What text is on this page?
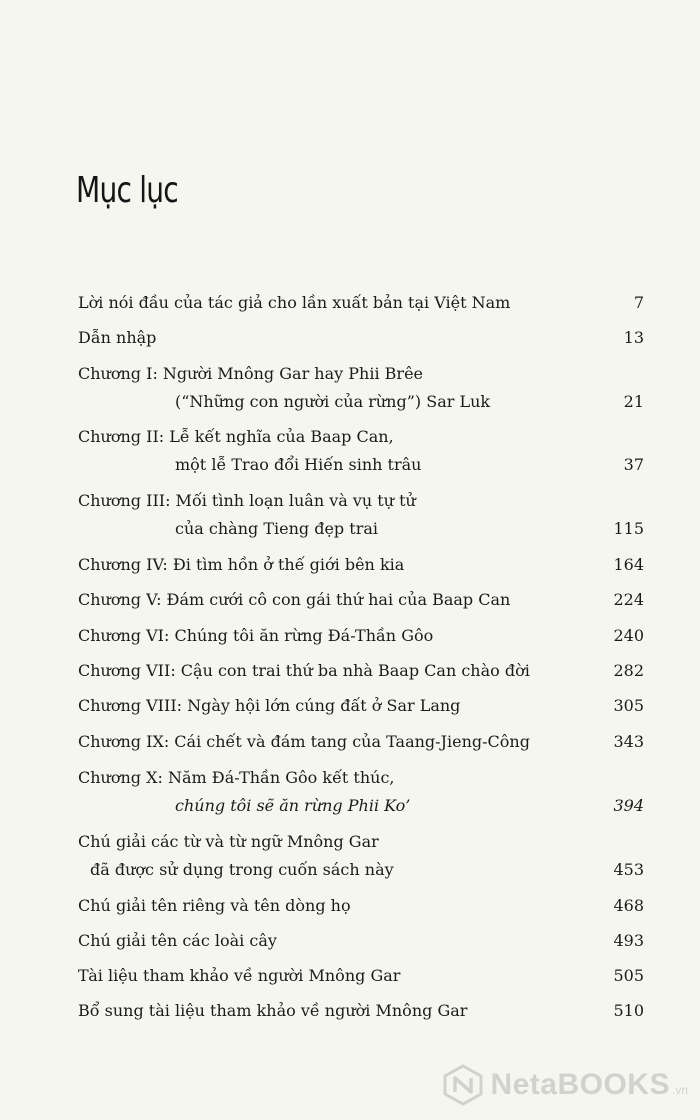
Mục lục
Lời nói đầu của tác giả cho lần xuất bản tại Việt Nam	7
Dẫn nhập	13
Chương I: Người Mnông Gar hay Phii Brêe
(“Những con người của rừng”) Sar Luk	21
Chương II: Lễ kết nghĩa của Baap Can,
một lễ Trao đổi Hiến sinh trâu	37
Chương III: Mối tình loạn luân và vụ tự tử
của chàng Tieng đẹp trai	115
Chương IV: Đi tìm hồn ở thế giới bên kia	164
Chương V: Đám cưới cô con gái thứ hai của Baap Can	224
Chương VI: Chúng tôi ăn rừng Đá-Thần Gôo	240
Chương VII: Cậu con trai thứ ba nhà Baap Can chào đời	282
Chương VIII: Ngày hội lớn cúng đất ở Sar Lang	305
Chương IX: Cái chết và đám tang của Taang-Jieng-Công	343
Chương X: Năm Đá-Thần Gôo kết thúc,
chúng tôi sẽ ăn rừng Phii Ko’	394
Chú giải các từ và từ ngữ Mnông Gar
đã được sử dụng trong cuốn sách này	453
Chú giải tên riêng và tên dòng họ	468
Chú giải tên các loài cây	493
Tài liệu tham khảo về người Mnông Gar	505
Bổ sung tài liệu tham khảo về người Mnông Gar	510
NetaBOOKS .vn
